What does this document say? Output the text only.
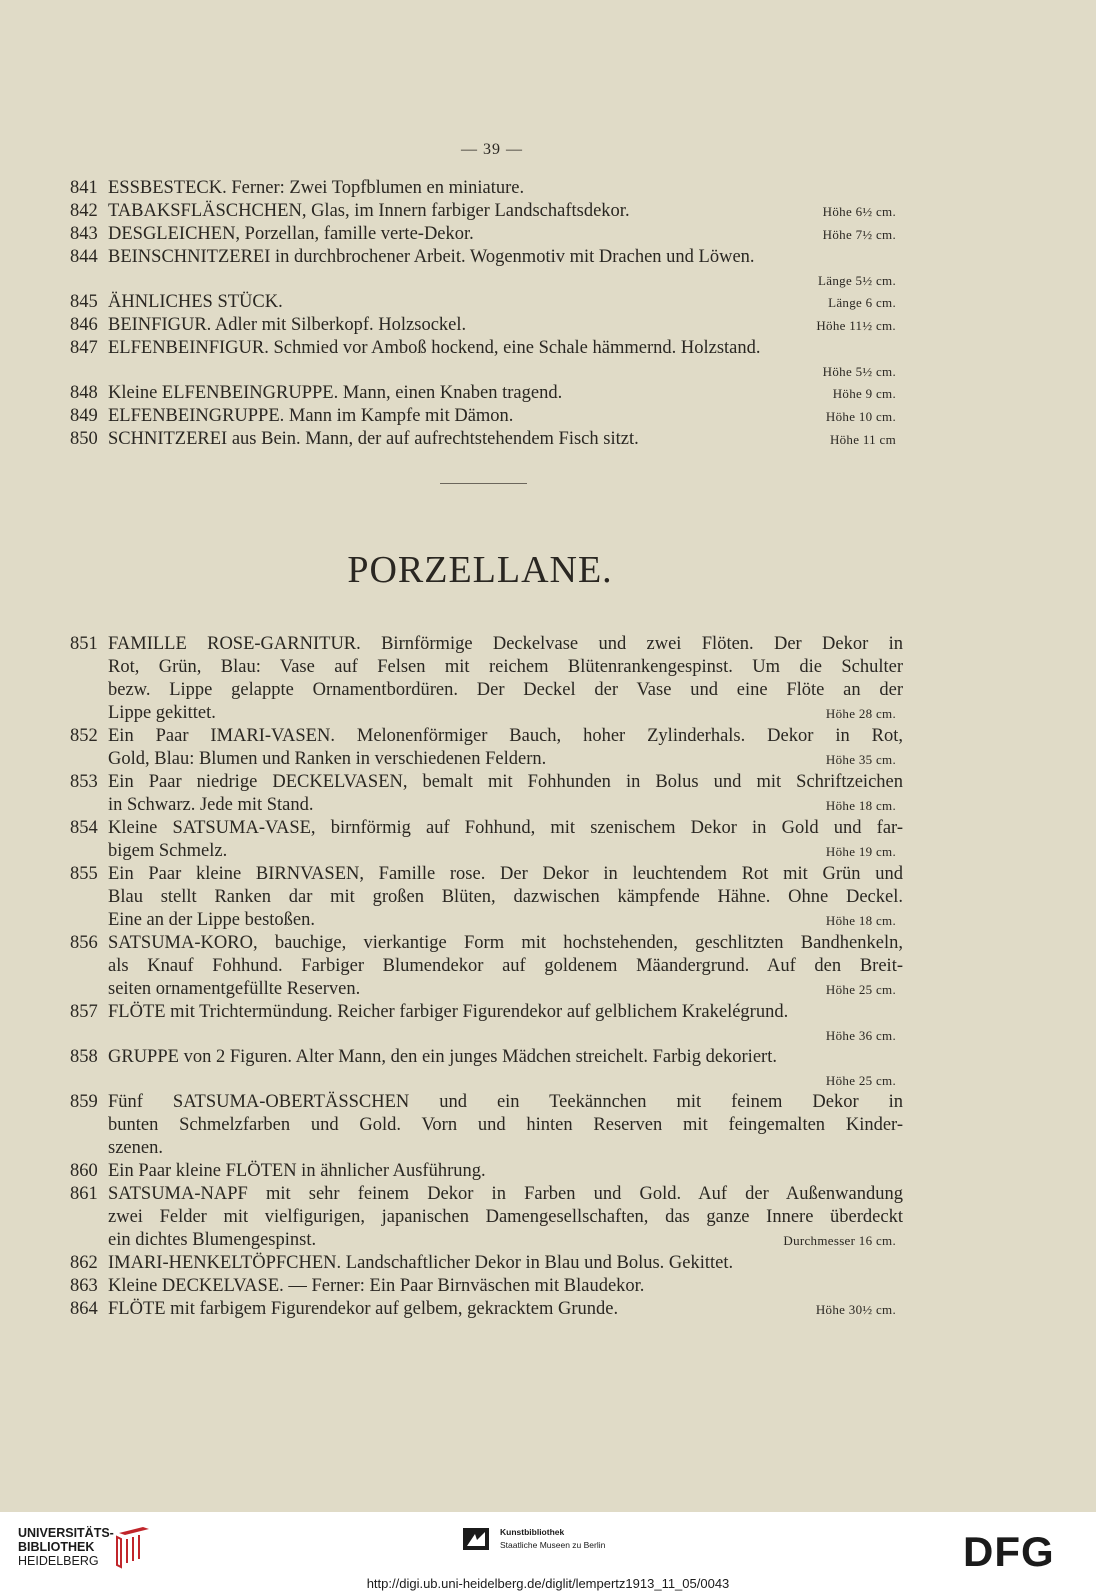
— 39 —
841 ESSBESTECK. Ferner: Zwei Topfblumen en miniature.
842 TABAKSFLÄSCHCHEN, Glas, im Innern farbiger Landschaftsdekor.	Höhe 6½ cm.
843 DESGLEICHEN, Porzellan, famille verte-Dekor.	Höhe 7½ cm.
844 BEINSCHNITZEREI in durchbrochener Arbeit. Wogenmotiv mit Drachen und Löwen.
Länge 5½ cm.
845 ÄHNLICHES STÜCK.	Länge 6 cm.
846 BEINFIGUR. Adler mit Silberkopf. Holzsockel.	Höhe 11½ cm.
847 ELFENBEINFIGUR. Schmied vor Amboß hockend, eine Schale hämmernd. Holzstand.
Höhe 5½ cm.
848 Kleine ELFENBEINGRUPPE. Mann, einen Knaben tragend.	Höhe 9 cm.
849 ELFENBEINGRUPPE. Mann im Kampfe mit Dämon.	Höhe 10 cm.
850 SCHNITZEREI aus Bein. Mann, der auf aufrechtstehendem Fisch sitzt.	Höhe 11 cm
PORZELLANE.
851 FAMILLE ROSE-GARNITUR. Birnförmige Deckelvase und zwei Flöten. Der Dekor in
Rot, Grün, Blau: Vase auf Felsen mit reichem Blütenrankengespinst. Um die Schulter
bezw. Lippe gelappte Ornamentbordüren. Der Deckel der Vase und eine Flöte an der
Lippe gekittet.	Höhe 28 cm.
852 Ein Paar IMARI-VASEN. Melonenförmiger Bauch, hoher Zylinderhals. Dekor in Rot,
Gold, Blau: Blumen und Ranken in verschiedenen Feldern.	Höhe 35 cm.
853 Ein Paar niedrige DECKELVASEN, bemalt mit Fohhunden in Bolus und mit Schriftzeichen
in Schwarz. Jede mit Stand.	Höhe 18 cm.
854 Kleine SATSUMA-VASE, birnförmig auf Fohhund, mit szenischem Dekor in Gold und far-
bigem Schmelz.	Höhe 19 cm.
855 Ein Paar kleine BIRNVASEN, Famille rose. Der Dekor in leuchtendem Rot mit Grün und
Blau stellt Ranken dar mit großen Blüten, dazwischen kämpfende Hähne. Ohne Deckel.
Eine an der Lippe bestoßen.	Höhe 18 cm.
856 SATSUMA-KORO, bauchige, vierkantige Form mit hochstehenden, geschlitzten Bandhenkeln,
als Knauf Fohhund. Farbiger Blumendekor auf goldenem Mäandergrund. Auf den Breit-
seiten ornamentgefüllte Reserven.	Höhe 25 cm.
857 FLÖTE mit Trichtermündung. Reicher farbiger Figurendekor auf gelblichem Krakelégrund.
Höhe 36 cm.
858 GRUPPE von 2 Figuren. Alter Mann, den ein junges Mädchen streichelt. Farbig dekoriert.
Höhe 25 cm.
859 Fünf SATSUMA-OBERTÄSSCHEN und ein Teekännchen mit feinem Dekor in
bunten Schmelzfarben und Gold. Vorn und hinten Reserven mit feingemalten Kinder-
szenen.
860 Ein Paar kleine FLÖTEN in ähnlicher Ausführung.
861 SATSUMA-NAPF mit sehr feinem Dekor in Farben und Gold. Auf der Außenwandung
zwei Felder mit vielfigurigen, japanischen Damengesellschaften, das ganze Innere überdeckt
ein dichtes Blumengespinst.	Durchmesser 16 cm.
862 IMARI-HENKELTÖPFCHEN. Landschaftlicher Dekor in Blau und Bolus. Gekittet.
863 Kleine DECKELVASE. — Ferner: Ein Paar Birnväschen mit Blaudekor.
864 FLÖTE mit farbigem Figurendekor auf gelbem, gekracktem Grunde.	Höhe 30½ cm.
UNIVERSITÄTS-
BIBLIOTHEK
HEIDELBERG
Kunstbibliothek
Staatliche Museen zu Berlin	DFG
http://digi.ub.uni-heidelberg.de/diglit/lempertz1913_11_05/0043
